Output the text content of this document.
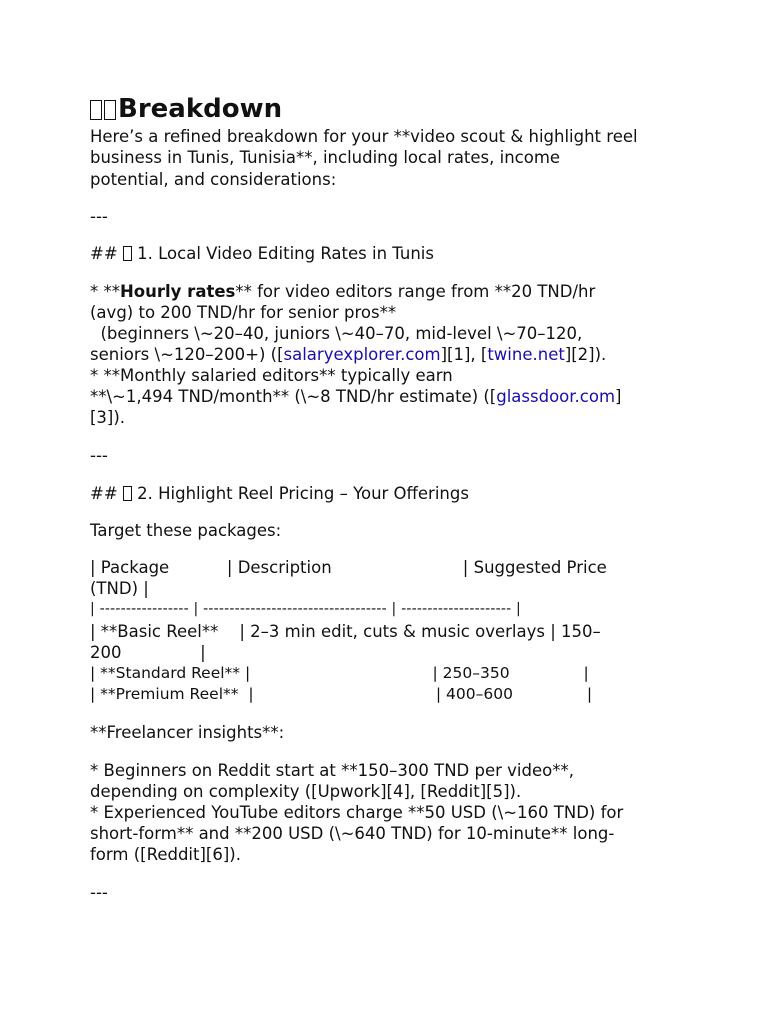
Breakdown
Here’s a refined breakdown for your **video scout & highlight reel
business in Tunis, Tunisia**, including local rates, income
potential, and considerations:
---
##  1. Local Video Editing Rates in Tunis
* **Hourly rates** for video editors range from **20 TND/hr
(avg) to 200 TND/hr for senior pros**
(beginners \~20–40, juniors \~40–70, mid-level \~70–120,
seniors \~120–200+) ([salaryexplorer.com][1], [twine.net][2]).
* **Monthly salaried editors** typically earn
**\~1,494 TND/month** (\~8 TND/hr estimate) ([glassdoor.com]
[3]).
---
##  2. Highlight Reel Pricing – Your Offerings
Target these packages:
| Package           | Description                         | Suggested Price
(TND) |
| ----------------- | ----------------------------------- | --------------------- |
| **Basic Reel**    | 2–3 min edit, cuts & music overlays | 150–
200               |
| **Standard Reel** |                                     | 250–350               |
| **Premium Reel**  |                                     | 400–600               |
**Freelancer insights**:
* Beginners on Reddit start at **150–300 TND per video**,
depending on complexity ([Upwork][4], [Reddit][5]).
* Experienced YouTube editors charge **50 USD (\~160 TND) for
short-form** and **200 USD (\~640 TND) for 10-minute** long-
form ([Reddit][6]).
---
